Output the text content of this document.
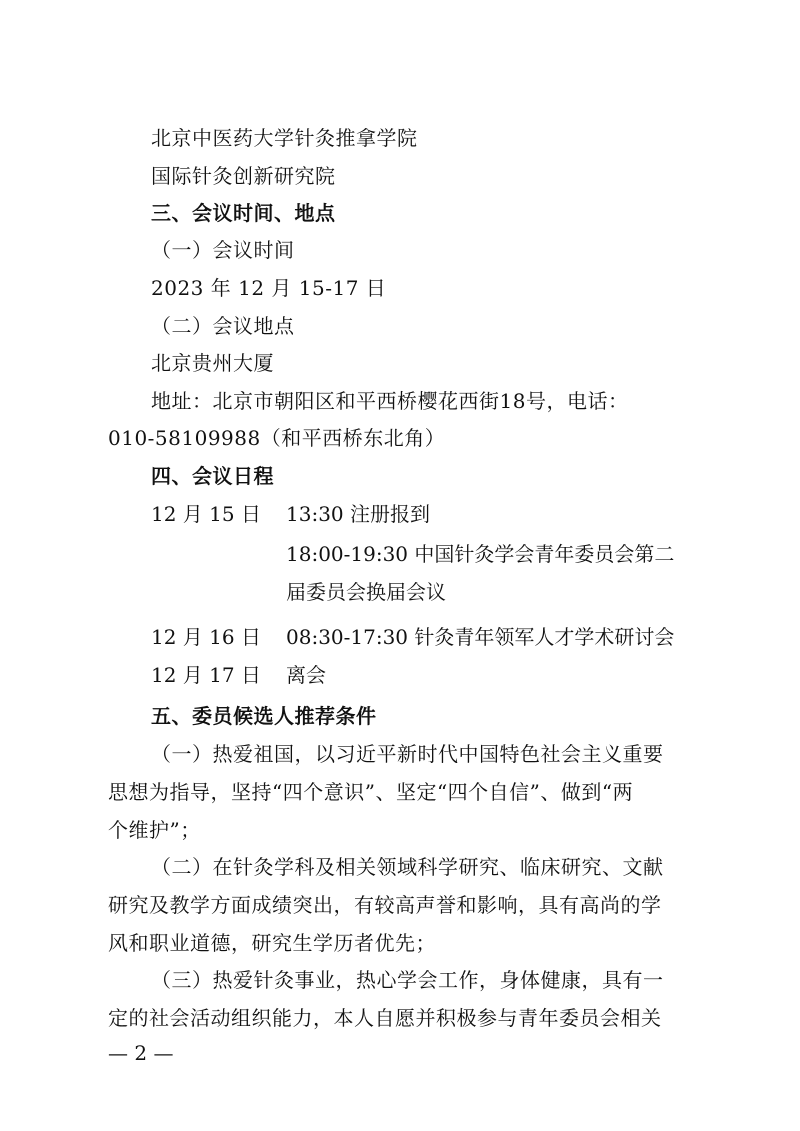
北京中医药大学针灸推拿学院
国际针灸创新研究院
三、会议时间、地点
（一）会议时间
2023 年 12 月 15-17 日
（二）会议地点
北京贵州大厦
地址：北京市朝阳区和平西桥樱花西街18号，电话：
010-58109988（和平西桥东北角）
四、会议日程
12 月 15 日 13:30 注册报到
18:00-19:30 中国针灸学会青年委员会第二
届委员会换届会议
12 月 16 日 08:30-17:30 针灸青年领军人才学术研讨会
12 月 17 日 离会
五、委员候选人推荐条件
（一）热爱祖国，以习近平新时代中国特色社会主义重要
思想为指导，坚持“四个意识”、坚定“四个自信”、做到“两
个维护”；
（二）在针灸学科及相关领域科学研究、临床研究、文献
研究及教学方面成绩突出，有较高声誉和影响，具有高尚的学
风和职业道德，研究生学历者优先；
（三）热爱针灸事业，热心学会工作，身体健康，具有一
定的社会活动组织能力，本人自愿并积极参与青年委员会相关
— 2 —
